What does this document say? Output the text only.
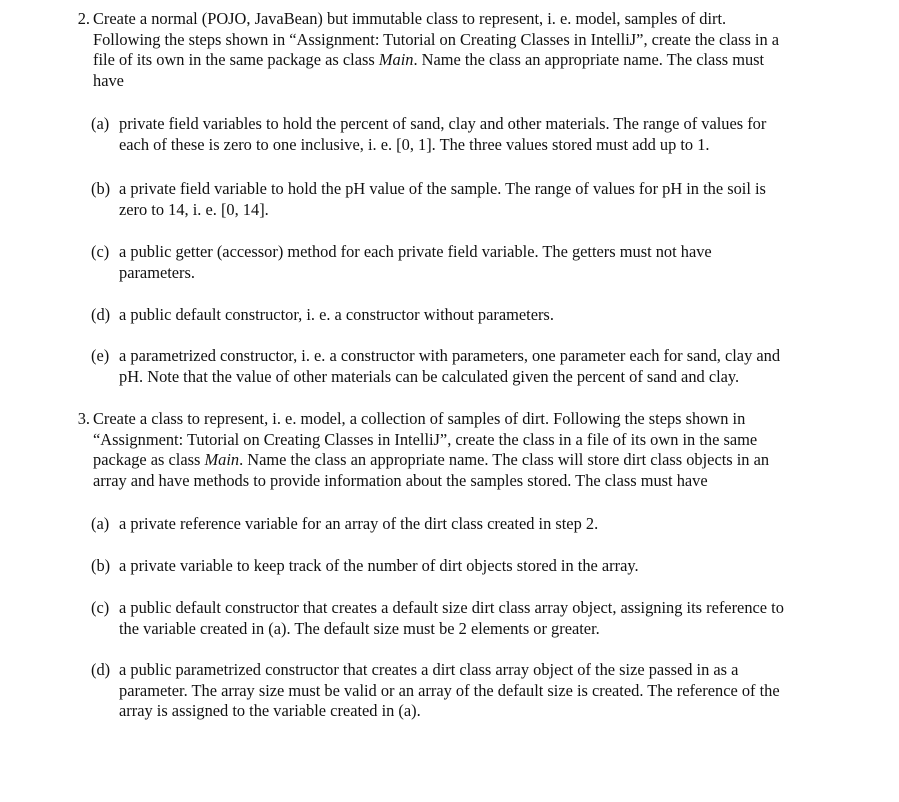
2. Create a normal (POJO, JavaBean) but immutable class to represent, i. e. model, samples of dirt.

Following the steps shown in “Assignment: Tutorial on Creating Classes in IntelliJ”, create the class in a

file of its own in the same package as class Main. Name the class an appropriate name. The class must

have

(a) private field variables to hold the percent of sand, clay and other materials. The range of values for

each of these is zero to one inclusive, i. e. [0, 1]. The three values stored must add up to 1.

(b) a private field variable to hold the pH value of the sample. The range of values for pH in the soil is

zero to 14, i. e. [0, 14].

(c) a public getter (accessor) method for each private field variable. The getters must not have

parameters.

(d) a public default constructor, i. e. a constructor without parameters.

(e) a parametrized constructor, i. e. a constructor with parameters, one parameter each for sand, clay and

pH. Note that the value of other materials can be calculated given the percent of sand and clay.

3. Create a class to represent, i. e. model, a collection of samples of dirt. Following the steps shown in

“Assignment: Tutorial on Creating Classes in IntelliJ”, create the class in a file of its own in the same

package as class Main. Name the class an appropriate name. The class will store dirt class objects in an

array and have methods to provide information about the samples stored. The class must have

(a) a private reference variable for an array of the dirt class created in step 2.

(b) a private variable to keep track of the number of dirt objects stored in the array.

(c) a public default constructor that creates a default size dirt class array object, assigning its reference to

the variable created in (a). The default size must be 2 elements or greater.

(d) a public parametrized constructor that creates a dirt class array object of the size passed in as a

parameter. The array size must be valid or an array of the default size is created. The reference of the

array is assigned to the variable created in (a).
